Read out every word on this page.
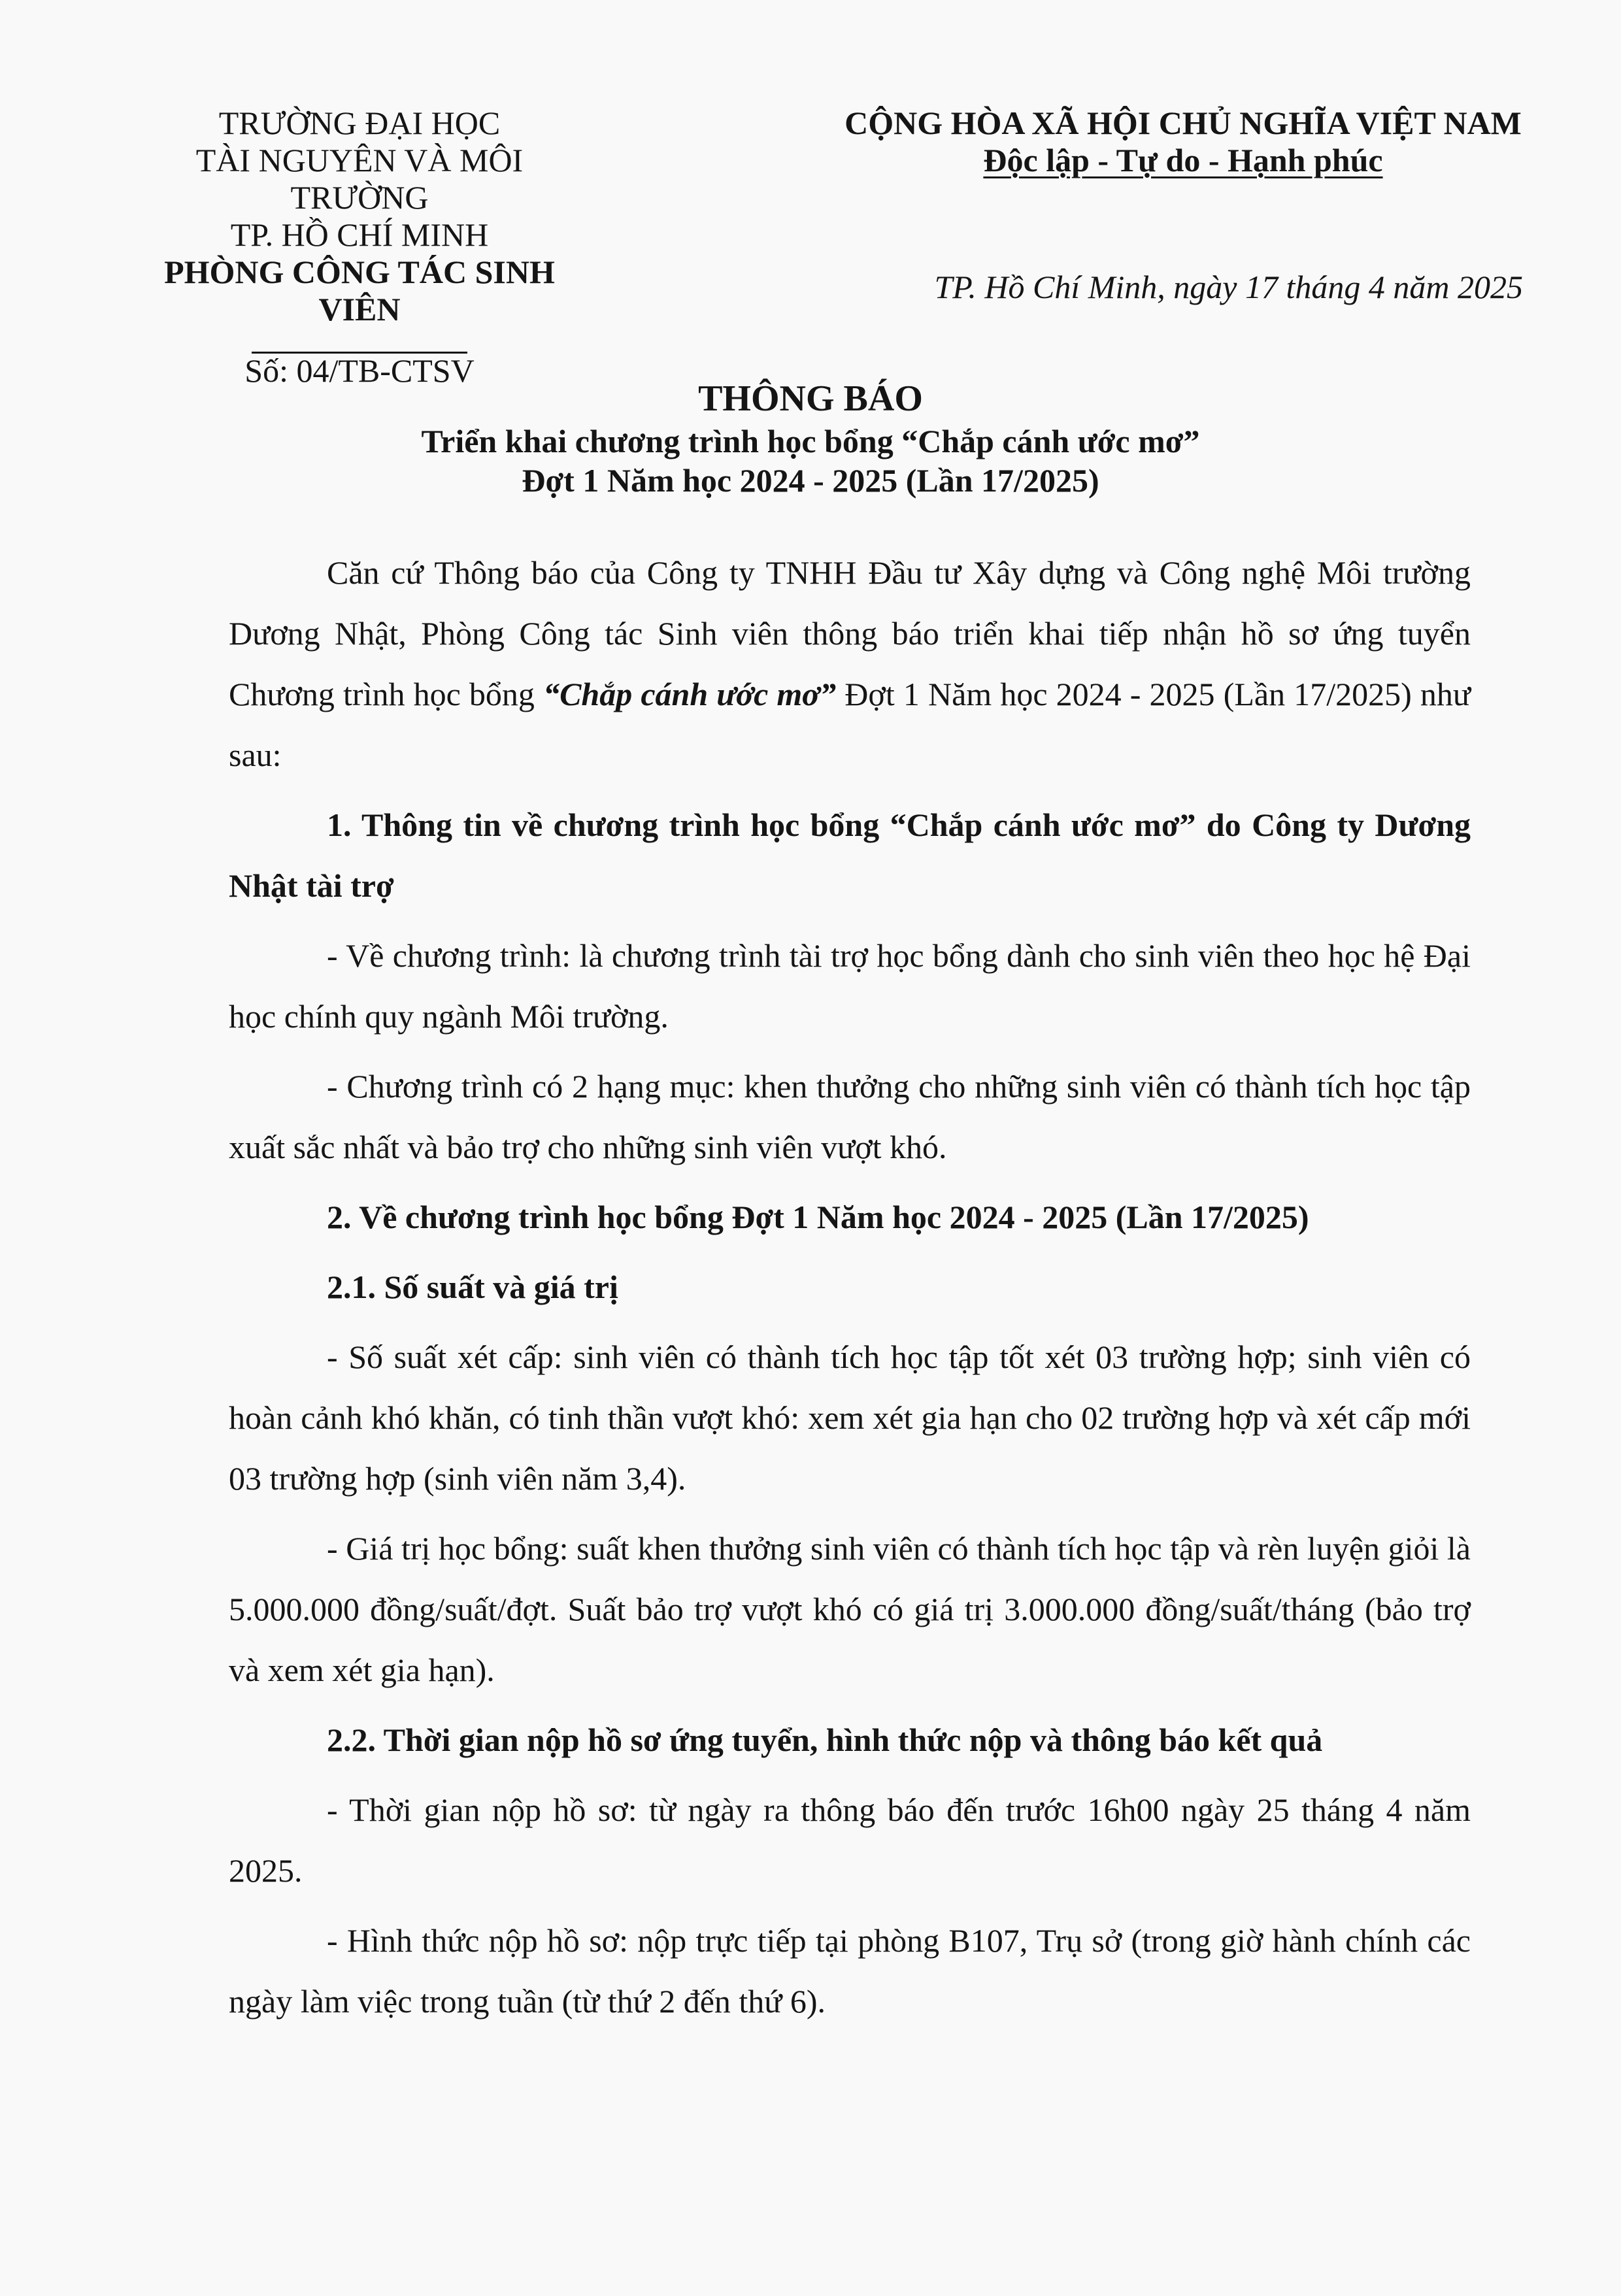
TRƯỜNG ĐẠI HỌC
TÀI NGUYÊN VÀ MÔI TRƯỜNG
TP. HỒ CHÍ MINH
PHÒNG CÔNG TÁC SINH VIÊN
Số: 04/TB-CTSV
CỘNG HÒA XÃ HỘI CHỦ NGHĨA VIỆT NAM
Độc lập - Tự do - Hạnh phúc
TP. Hồ Chí Minh, ngày 17 tháng 4 năm 2025
THÔNG BÁO
Triển khai chương trình học bổng “Chắp cánh ước mơ”
Đợt 1 Năm học 2024 - 2025 (Lần 17/2025)

Căn cứ Thông báo của Công ty TNHH Đầu tư Xây dựng và Công nghệ Môi trường Dương Nhật, Phòng Công tác Sinh viên thông báo triển khai tiếp nhận hồ sơ ứng tuyển Chương trình học bổng “Chắp cánh ước mơ” Đợt 1 Năm học 2024 - 2025 (Lần 17/2025) như sau:

1. Thông tin về chương trình học bổng “Chắp cánh ước mơ” do Công ty Dương Nhật tài trợ

- Về chương trình: là chương trình tài trợ học bổng dành cho sinh viên theo học hệ Đại học chính quy ngành Môi trường.

- Chương trình có 2 hạng mục: khen thưởng cho những sinh viên có thành tích học tập xuất sắc nhất và bảo trợ cho những sinh viên vượt khó.

2. Về chương trình học bổng Đợt 1 Năm học 2024 - 2025 (Lần 17/2025)

2.1. Số suất và giá trị

- Số suất xét cấp: sinh viên có thành tích học tập tốt xét 03 trường hợp; sinh viên có hoàn cảnh khó khăn, có tinh thần vượt khó: xem xét gia hạn cho 02 trường hợp và xét cấp mới 03 trường hợp (sinh viên năm 3,4).

- Giá trị học bổng: suất khen thưởng sinh viên có thành tích học tập và rèn luyện giỏi là 5.000.000 đồng/suất/đợt. Suất bảo trợ vượt khó có giá trị 3.000.000 đồng/suất/tháng (bảo trợ và xem xét gia hạn).

2.2. Thời gian nộp hồ sơ ứng tuyển, hình thức nộp và thông báo kết quả

- Thời gian nộp hồ sơ: từ ngày ra thông báo đến trước 16h00 ngày 25 tháng 4 năm 2025.

- Hình thức nộp hồ sơ: nộp trực tiếp tại phòng B107, Trụ sở (trong giờ hành chính các ngày làm việc trong tuần (từ thứ 2 đến thứ 6).
